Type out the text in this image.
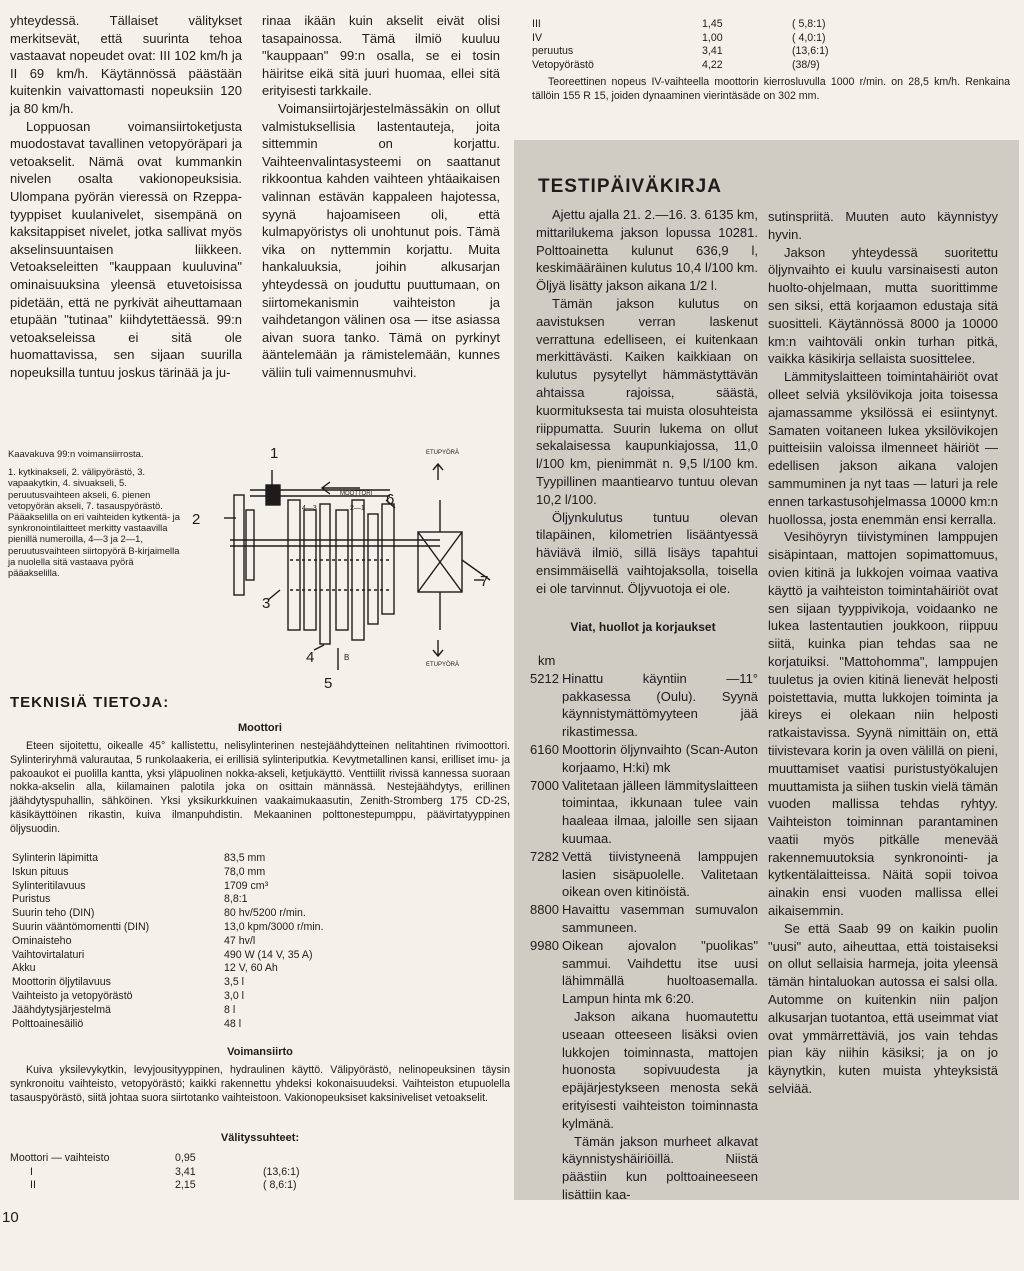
yhteydessä. Tällaiset välitykset merkitsevät, että suurinta tehoa vastaavat nopeudet ovat: III 102 km/h ja II 69 km/h. Käytännössä päästään kuitenkin vaivattomasti nopeuksiin 120 ja 80 km/h.

Loppuosan voimansiirtoketjusta muodostavat tavallinen vetopyöräpari ja vetoakselit. Nämä ovat kummankin nivelen osalta vakionopeuksisia. Ulompana pyörän vieressä on Rzeppa-tyyppiset kuulanivelet, sisempänä on kaksitappiset nivelet, jotka sallivat myös akselinsuuntaisen liikkeen. Vetoakseleitten "kauppaan kuuluvina" ominaisuuksina yleensä etuvetoisissa pidetään, että ne pyrkivät aiheuttamaan etupään "tutinaa" kiihdytettäessä. 99:n vetoakseleissa ei sitä ole huomattavissa, sen sijaan suurilla nopeuksilla tuntuu joskus tärinää ja ju-

rinaa ikään kuin akselit eivät olisi tasapainossa. Tämä ilmiö kuuluu "kauppaan" 99:n osalla, se ei tosin häiritse eikä sitä juuri huomaa, ellei sitä erityisesti tarkkaile.

Voimansiirtojärjestelmässäkin on ollut valmistuksellisia lastentauteja, joita sittemmin on korjattu. Vaihteenvalintasysteemi on saattanut rikkoontua kahden vaihteen yhtäaikaisen valinnan estävän kappaleen hajotessa, syynä hajoamiseen oli, että kulmapyöristys oli unohtunut pois. Tämä vika on nyttemmin korjattu. Muita hankaluuksia, joihin alkusarjan yhteydessä on jouduttu puuttumaan, on siirtomekanismin vaihteiston ja vaihdetangon välinen osa — itse asiassa aivan suora tanko. Tämä on pyrkinyt ääntelemään ja rämistelemään, kunnes väliin tuli vaimennusmuhvi.

III	1,45	( 5,8:1)
IV	1,00	( 4,0:1)
peruutus	3,41	(13,6:1)
Vetopyörästö	4,22	(38/9)
Teoreettinen nopeus IV-vaihteella moottorin kierrosluvulla 1000 r/min. on 28,5 km/h. Renkaina tällöin 155 R 15, joiden dynaaminen vierintäsäde on 302 mm.
Kaavakuva 99:n voimansiirrosta.
1. kytkinakseli, 2. välipyörästö, 3. vapaakytkin, 4. sivuakseli, 5. peruutusvaihteen akseli, 6. pienen vetopyörän akseli, 7. tasauspyörästö. Pääakselilla on eri vaihteiden kytkentä- ja synkronointilaitteet merkitty vastaavilla pienillä numeroilla, 4—3 ja 2—1, peruutusvaihteen siirtopyörä B-kirjaimella ja nuolella sitä vastaava pyörä pääakselilla.
1
2
3
4
5
6
7
ETUPYÖRÄ
ETUPYÖRÄ
MOOTTORI
4—3	2—1
B
TEKNISIÄ TIETOJA:
Moottori
Eteen sijoitettu, oikealle 45° kallistettu, nelisylinterinen nestejäähdytteinen nelitahtinen rivimoottori. Sylinteriryhmä valurautaa, 5 runkolaakeria, ei erillisiä sylinteriputkia. Kevytmetallinen kansi, erilliset imu- ja pakoaukot ei puolilla kantta, yksi yläpuolinen nokka-akseli, ketjukäyttö. Venttiilit rivissä kannessa suoraan nokka-akselin alla, kiilamainen palotila joka on osittain männässä. Nestejäähdytys, erillinen jäähdytyspuhallin, sähköinen. Yksi yksikurkkuinen vaakaimukaasutin, Zenith-Stromberg 175 CD-2S, käsikäyttöinen rikastin, kuiva ilmanpuhdistin. Mekaaninen polttonestepumppu, päävirtatyyppinen öljysuodin.
Sylinterin läpimitta	83,5 mm
Iskun pituus	78,0 mm
Sylinteritilavuus	1709 cm³
Puristus	8,8:1
Suurin teho (DIN)	80 hv/5200 r/min.
Suurin vääntömomentti (DIN)	13,0 kpm/3000 r/min.
Ominaisteho	47 hv/l
Vaihtovirtalaturi	490 W (14 V, 35 A)
Akku	12 V, 60 Ah
Moottorin öljytilavuus	3,5 l
Vaihteisto ja vetopyörästö	3,0 l
Jäähdytysjärjestelmä	8 l
Polttoainesäiliö	48 l
Voimansiirto
Kuiva yksilevykytkin, levyjousityyppinen, hydraulinen käyttö. Välipyörästö, nelinopeuksinen täysin synkronoitu vaihteisto, vetopyörästö; kaikki rakennettu yhdeksi kokonaisuudeksi. Vaihteiston etupuolella tasauspyörästö, siitä johtaa suora siirtotanko vaihteistoon. Vakionopeuksiset kaksiniveliset vetoakselit.
Välityssuhteet:
Moottori — vaihteisto	0,95
I	3,41	(13,6:1)
II	2,15	( 8,6:1)
TESTIPÄIVÄKIRJA

Ajettu ajalla 21. 2.—16. 3. 6135 km, mittarilukema jakson lopussa 10281. Polttoainetta kulunut 636,9 l, keskimääräinen kulutus 10,4 l/100 km. Öljyä lisätty jakson aikana 1/2 l.

Tämän jakson kulutus on aavistuksen verran laskenut verrattuna edelliseen, ei kuitenkaan merkittävästi. Kaiken kaikkiaan on kulutus pysytellyt hämmästyttävän ahtaissa rajoissa, säästä, kuormituksesta tai muista olosuhteista riippumatta. Suurin lukema on ollut sekalaisessa kaupunkiajossa, 11,0 l/100 km, pienimmät n. 9,5 l/100 km. Tyypillinen maantiearvo tuntuu olevan 10,2 l/100.

Öljynkulutus tuntuu olevan tilapäinen, kilometrien lisääntyessä häviävä ilmiö, sillä lisäys tapahtui ensimmäisellä vaihtojaksolla, toisella ei ole tarvinnut. Öljyvuotoja ei ole.

Viat, huollot ja korjaukset
km
5212 Hinattu käyntiin —11° pakkasessa (Oulu). Syynä käynnistymättömyyteen jää rikastimessa.
6160 Moottorin öljynvaihto (Scan-Auton korjaamo, H:ki) mk
7000 Valitetaan jälleen lämmityslaitteen toimintaa, ikkunaan tulee vain haaleaa ilmaa, jaloille sen sijaan kuumaa.
7282 Vettä tiivistyneenä lamppujen lasien sisäpuolelle. Valitetaan oikean oven kitinöistä.
8800 Havaittu vasemman sumuvalon sammuneen.
9980 Oikean ajovalon "puolikas" sammui. Vaihdettu itse uusi lähimmällä huoltoasemalla. Lampun hinta mk 6:20.

Jakson aikana huomautettu useaan otteeseen lisäksi ovien lukkojen toiminnasta, mattojen huonosta sopivuudesta ja epäjärjestykseen menosta sekä erityisesti vaihteiston toiminnasta kylmänä.

Tämän jakson murheet alkavat käynnistyshäiriöillä. Niistä päästiin kun polttoaineeseen lisättiin kaa-

sutinspriitä. Muuten auto käynnistyy hyvin.

Jakson yhteydessä suoritettu öljynvaihto ei kuulu varsinaisesti auton huolto-ohjelmaan, mutta suorittimme sen siksi, että korjaamon edustaja sitä suositteli. Käytännössä 8000 ja 10000 km:n vaihtoväli onkin turhan pitkä, vaikka käsikirja sellaista suosittelee.

Lämmityslaitteen toimintahäiriöt ovat olleet selviä yksilövikoja joita toisessa ajamassamme yksilössä ei esiintynyt. Samaten voitaneen lukea yksilövikojen puitteisiin valoissa ilmenneet häiriöt — edellisen jakson aikana valojen sammuminen ja nyt taas — laturi ja rele ennen tarkastusohjelmassa 10000 km:n huollossa, josta enemmän ensi kerralla.

Vesihöyryn tiivistyminen lamppujen sisäpintaan, mattojen sopimattomuus, ovien kitinä ja lukkojen voimaa vaativa käyttö ja vaihteiston toimintahäiriöt ovat sen sijaan tyyppivikoja, voidaanko ne lukea lastentautien joukkoon, riippuu siitä, kuinka pian tehdas saa ne korjatuiksi. "Mattohomma", lamppujen tuuletus ja ovien kitinä lienevät helposti poistettavia, mutta lukkojen toiminta ja kireys ei olekaan niin helposti ratkaistavissa. Syynä nimittäin on, että tiivistevara korin ja oven välillä on pieni, muuttamiset vaatisi puristustyökalujen muuttamista ja siihen tuskin vielä tämän vuoden mallissa tehdas ryhtyy. Vaihteiston toiminnan parantaminen vaatii myös pitkälle menevää rakennemuutoksia synkronointi- ja kytkentälaitteissa. Näitä sopii toivoa ainakin ensi vuoden mallissa ellei aikaisemmin.

Se että Saab 99 on kaikin puolin "uusi" auto, aiheuttaa, että toistaiseksi on ollut sellaisia harmeja, joita yleensä tämän hintaluokan autossa ei salsi olla. Automme on kuitenkin niin paljon alkusarjan tuotantoa, että useimmat viat ovat ymmärrettäviä, jos vain tehdas pian käy niihin käsiksi; ja on jo käynytkin, kuten muista yhteyksistä selviää.

10
